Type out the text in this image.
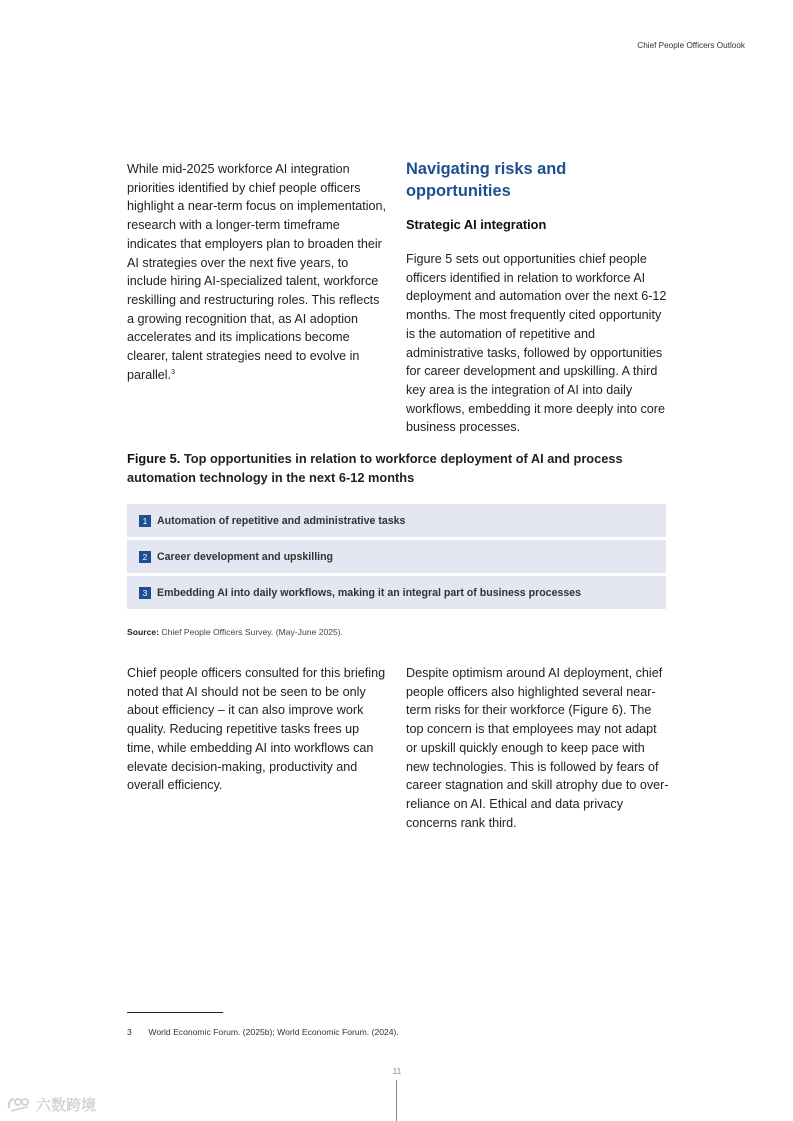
Chief People Officers Outlook

While mid-2025 workforce AI integration priorities identified by chief people officers highlight a near-term focus on implementation, research with a longer-term timeframe indicates that employers plan to broaden their AI strategies over the next five years, to include hiring AI-specialized talent, workforce reskilling and restructuring roles. This reflects a growing recognition that, as AI adoption accelerates and its implications become clearer, talent strategies need to evolve in parallel.$^3$

Navigating risks and opportunities
Strategic AI integration

Figure 5 sets out opportunities chief people officers identified in relation to workforce AI deployment and automation over the next 6-12 months. The most frequently cited opportunity is the automation of repetitive and administrative tasks, followed by opportunities for career development and upskilling. A third key area is the integration of AI into daily workflows, embedding it more deeply into core business processes.

Figure 5. Top opportunities in relation to workforce deployment of AI and process automation technology in the next 6-12 months
1 Automation of repetitive and administrative tasks
2 Career development and upskilling
3 Embedding AI into daily workflows, making it an integral part of business processes
Source: Chief People Officers Survey. (May-June 2025).

Chief people officers consulted for this briefing noted that AI should not be seen to be only about efficiency – it can also improve work quality. Reducing repetitive tasks frees up time, while embedding AI into workflows can elevate decision-making, productivity and overall efficiency.

Despite optimism around AI deployment, chief people officers also highlighted several near-term risks for their workforce (Figure 6). The top concern is that employees may not adapt or upskill quickly enough to keep pace with new technologies. This is followed by fears of career stagnation and skill atrophy due to over-reliance on AI. Ethical and data privacy concerns rank third.

3 World Economic Forum. (2025b); World Economic Forum. (2024).
11
六数跨境
